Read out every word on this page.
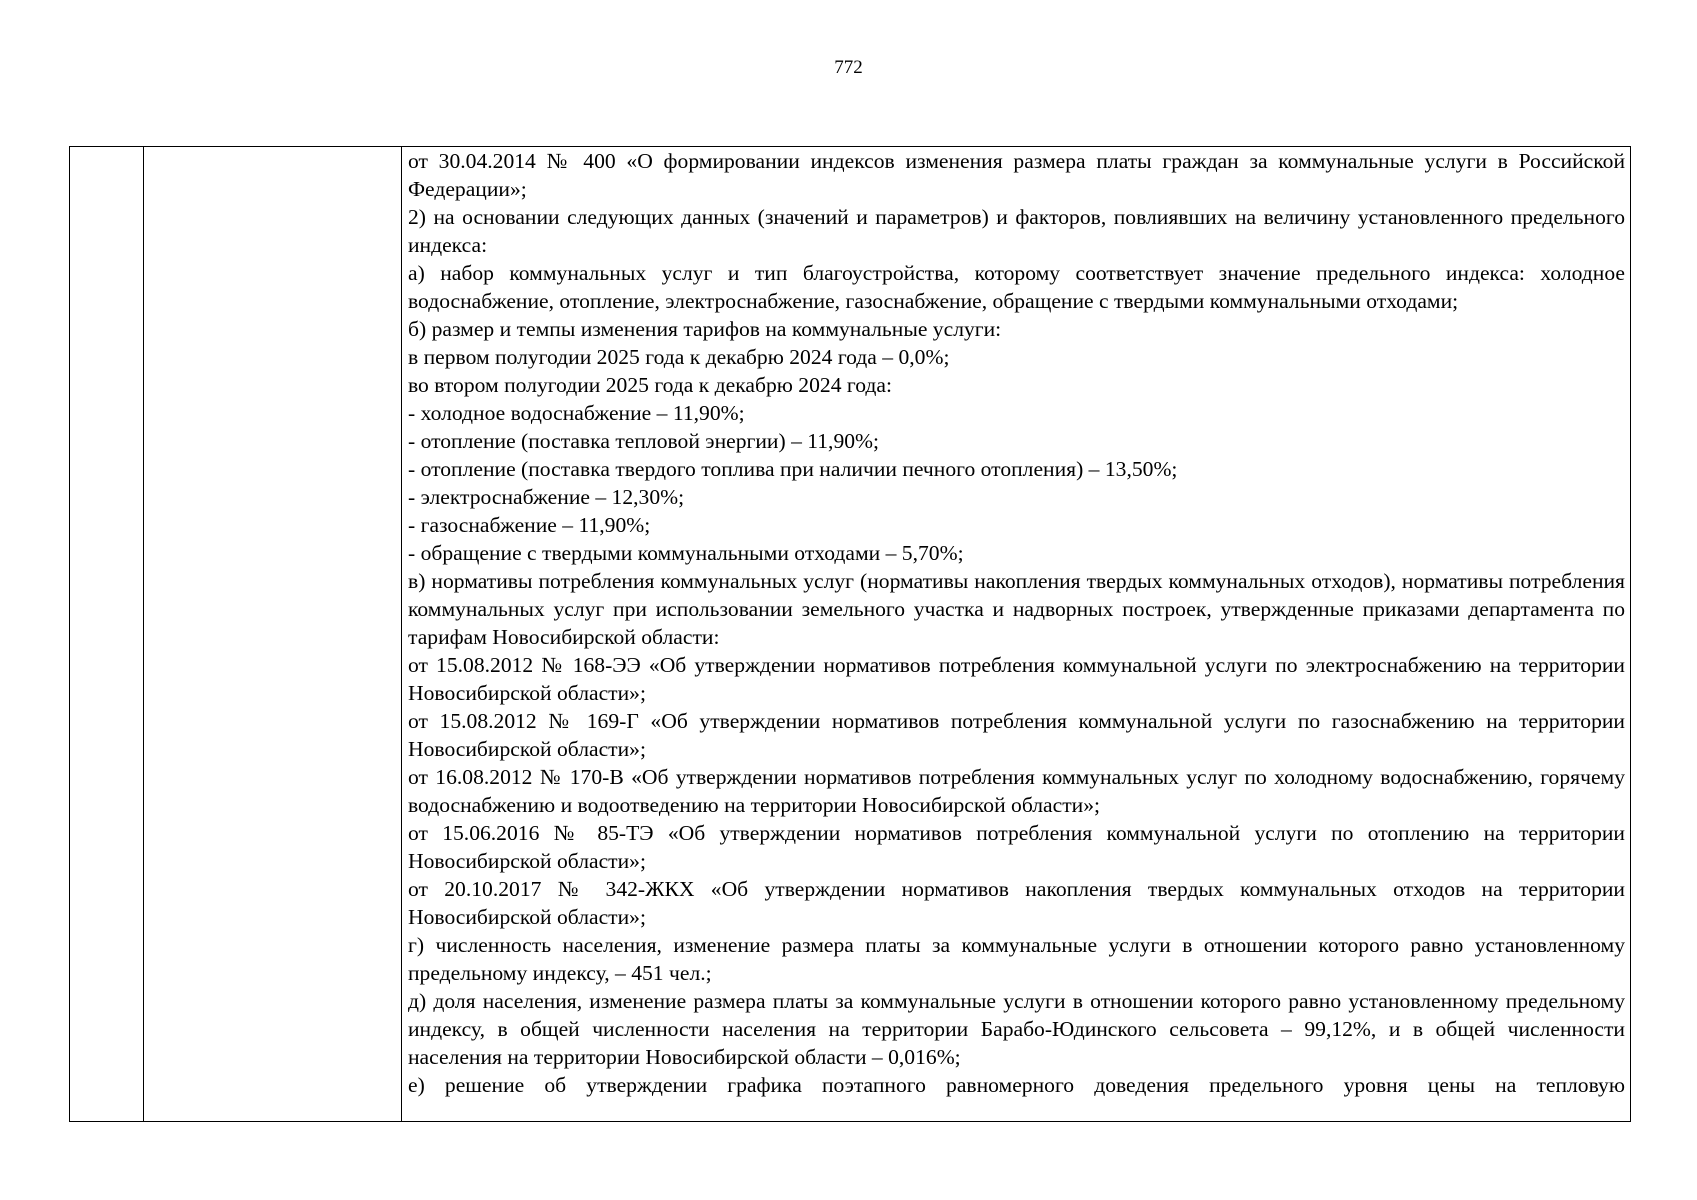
772

от 30.04.2014 № 400 «О формировании индексов изменения размера платы граждан за коммунальные услуги в Российской Федерации»;

2) на основании следующих данных (значений и параметров) и факторов, повлиявших на величину установленного предельного индекса:

а) набор коммунальных услуг и тип благоустройства, которому соответствует значение предельного индекса: холодное водоснабжение, отопление, электроснабжение, газоснабжение, обращение с твердыми коммунальными отходами;

б) размер и темпы изменения тарифов на коммунальные услуги:

в первом полугодии 2025 года к декабрю 2024 года – 0,0%;

во втором полугодии 2025 года к декабрю 2024 года:

- холодное водоснабжение – 11,90%;

- отопление (поставка тепловой энергии) – 11,90%;

- отопление (поставка твердого топлива при наличии печного отопления) – 13,50%;

- электроснабжение – 12,30%;

- газоснабжение – 11,90%;

- обращение с твердыми коммунальными отходами – 5,70%;

в) нормативы потребления коммунальных услуг (нормативы накопления твердых коммунальных отходов), нормативы потребления коммунальных услуг при использовании земельного участка и надворных построек, утвержденные приказами департамента по тарифам Новосибирской области:

от 15.08.2012 № 168-ЭЭ «Об утверждении нормативов потребления коммунальной услуги по электроснабжению на территории Новосибирской области»;

от 15.08.2012 № 169-Г «Об утверждении нормативов потребления коммунальной услуги по газоснабжению на территории Новосибирской области»;

от 16.08.2012 № 170-В «Об утверждении нормативов потребления коммунальных услуг по холодному водоснабжению, горячему водоснабжению и водоотведению на территории Новосибирской области»;

от 15.06.2016 № 85-ТЭ «Об утверждении нормативов потребления коммунальной услуги по отоплению на территории Новосибирской области»;

от 20.10.2017 № 342-ЖКХ «Об утверждении нормативов накопления твердых коммунальных отходов на территории Новосибирской области»;

г) численность населения, изменение размера платы за коммунальные услуги в отношении которого равно установленному предельному индексу, – 451 чел.;

д) доля населения, изменение размера платы за коммунальные услуги в отношении которого равно установленному предельному индексу, в общей численности населения на территории Барабо-Юдинского сельсовета – 99,12%, и в общей численности населения на территории Новосибирской области – 0,016%;

е) решение об утверждении графика поэтапного равномерного доведения предельного уровня цены на тепловую
